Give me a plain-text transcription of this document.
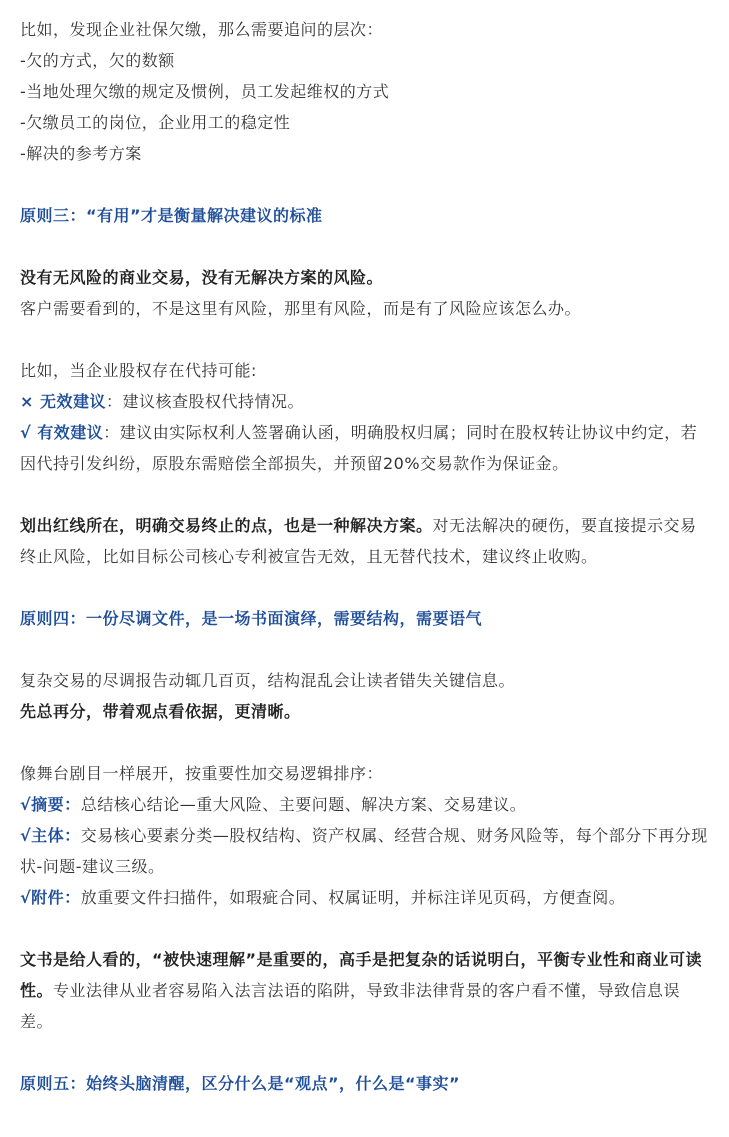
比如，发现企业社保欠缴，那么需要追问的层次：

-欠的方式，欠的数额

-当地处理欠缴的规定及惯例，员工发起维权的方式

-欠缴员工的岗位，企业用工的稳定性

-解决的参考方案

原则三：“有用”才是衡量解决建议的标准

没有无风险的商业交易，没有无解决方案的风险。

客户需要看到的，不是这里有风险，那里有风险，而是有了风险应该怎么办。

比如，当企业股权存在代持可能:

× 无效建议：建议核查股权代持情况。

√ 有效建议：建议由实际权利人签署确认函，明确股权归属；同时在股权转让协议中约定，若因代持引发纠纷，原股东需赔偿全部损失，并预留20%交易款作为保证金。

划出红线所在，明确交易终止的点，也是一种解决方案。对无法解决的硬伤，要直接提示交易终止风险，比如目标公司核心专利被宣告无效，且无替代技术，建议终止收购。

原则四：一份尽调文件，是一场书面演绎，需要结构，需要语气

复杂交易的尽调报告动辄几百页，结构混乱会让读者错失关键信息。

先总再分，带着观点看依据，更清晰。

像舞台剧目一样展开，按重要性加交易逻辑排序：

√摘要：总结核心结论—重大风险、主要问题、解决方案、交易建议。

√主体：交易核心要素分类—股权结构、资产权属、经营合规、财务风险等，每个部分下再分现状-问题-建议三级。

√附件：放重要文件扫描件，如瑕疵合同、权属证明，并标注详见页码，方便查阅。

文书是给人看的，“被快速理解”是重要的，高手是把复杂的话说明白，平衡专业性和商业可读性。专业法律从业者容易陷入法言法语的陷阱，导致非法律背景的客户看不懂，导致信息误差。

原则五：始终头脑清醒，区分什么是“观点”，什么是“事实”
